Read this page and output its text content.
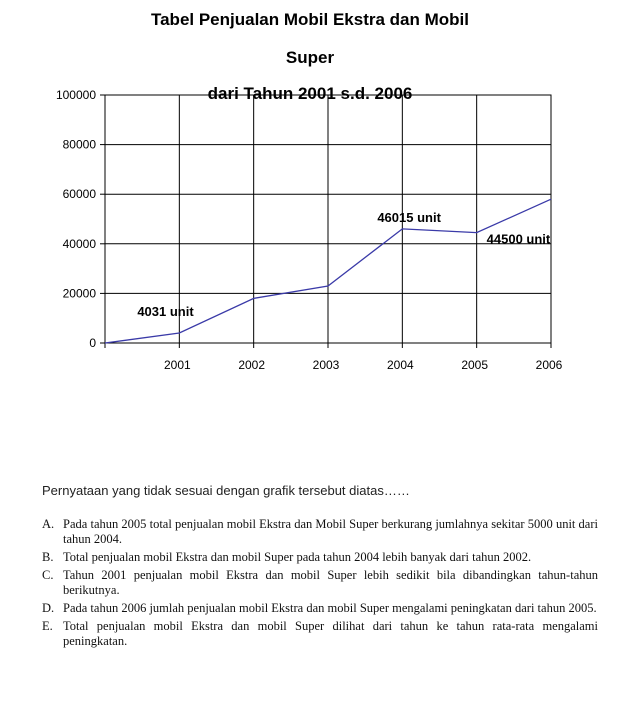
Tabel Penjualan Mobil Ekstra dan Mobil

Super

dari Tahun 2001 s.d. 2006

0
20000
40000
60000
80000
100000
2001	2002	2003	2004	2005	2006
4031 unit
46015 unit
44500 unit

Pernyataan yang tidak sesuai dengan grafik tersebut diatas……

A. Pada tahun 2005 total penjualan mobil Ekstra dan Mobil Super berkurang jumlahnya sekitar 5000 unit dari tahun 2004.
B. Total penjualan mobil Ekstra dan mobil Super pada tahun 2004 lebih banyak dari tahun 2002.
C. Tahun 2001 penjualan mobil Ekstra dan mobil Super lebih sedikit bila dibandingkan tahun-tahun berikutnya.
D. Pada tahun 2006 jumlah penjualan mobil Ekstra dan mobil Super mengalami peningkatan dari tahun 2005.
E. Total penjualan mobil Ekstra dan mobil Super dilihat dari tahun ke tahun rata-rata mengalami peningkatan.
